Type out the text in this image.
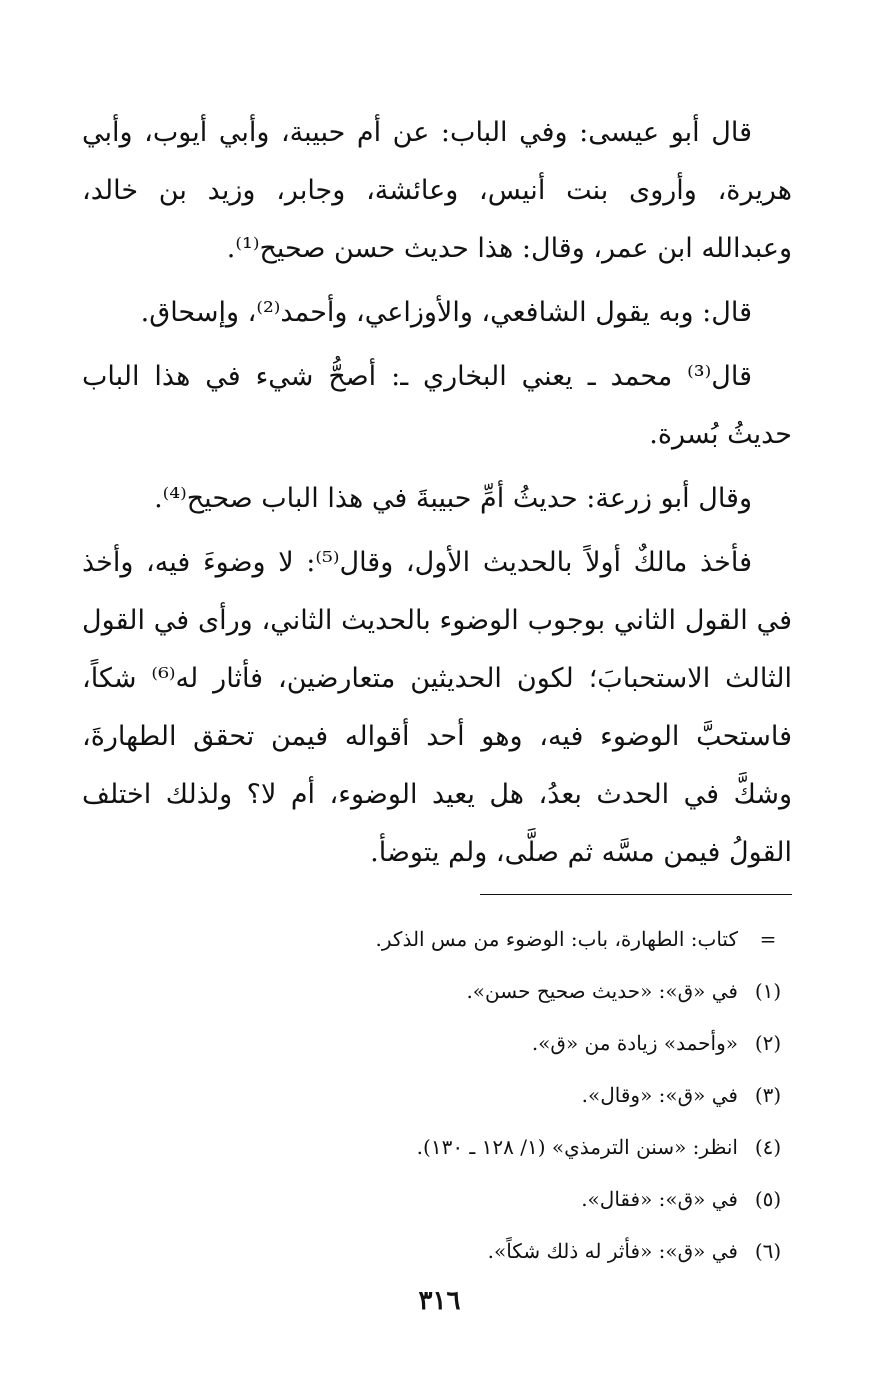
قال أبو عيسى: وفي الباب: عن أم حبيبة، وأبي أيوب، وأبي هريرة، وأروى بنت أنيس، وعائشة، وجابر، وزيد بن خالد، وعبدالله ابن عمر، وقال: هذا حديث حسن صحيح⁽¹⁾.

قال: وبه يقول الشافعي، والأوزاعي، وأحمد⁽²⁾، وإسحاق.

قال⁽³⁾ محمد ـ يعني البخاري ـ: أصحُّ شيء في هذا الباب حديثُ بُسرة.

وقال أبو زرعة: حديثُ أمِّ حبيبةَ في هذا الباب صحيح⁽⁴⁾.

فأخذ مالكٌ أولاً بالحديث الأول، وقال⁽⁵⁾: لا وضوءَ فيه، وأخذ في القول الثاني بوجوب الوضوء بالحديث الثاني، ورأى في القول الثالث الاستحبابَ؛ لكون الحديثين متعارضين، فأثار له⁽⁶⁾ شكاً، فاستحبَّ الوضوء فيه، وهو أحد أقواله فيمن تحقق الطهارةَ، وشكَّ في الحدث بعدُ، هل يعيد الوضوء، أم لا؟ ولذلك اختلف القولُ فيمن مسَّه ثم صلَّى، ولم يتوضأ.

=
كتاب: الطهارة، باب: الوضوء من مس الذكر.
(١)
في «ق»: «حديث صحيح حسن».
(٢)
«وأحمد» زيادة من «ق».
(٣)
في «ق»: «وقال».
(٤)
انظر: «سنن الترمذي» (١/ ١٢٨ ـ ١٣٠).
(٥)
في «ق»: «فقال».
(٦)
في «ق»: «فأثر له ذلك شكاً».
٣١٦
